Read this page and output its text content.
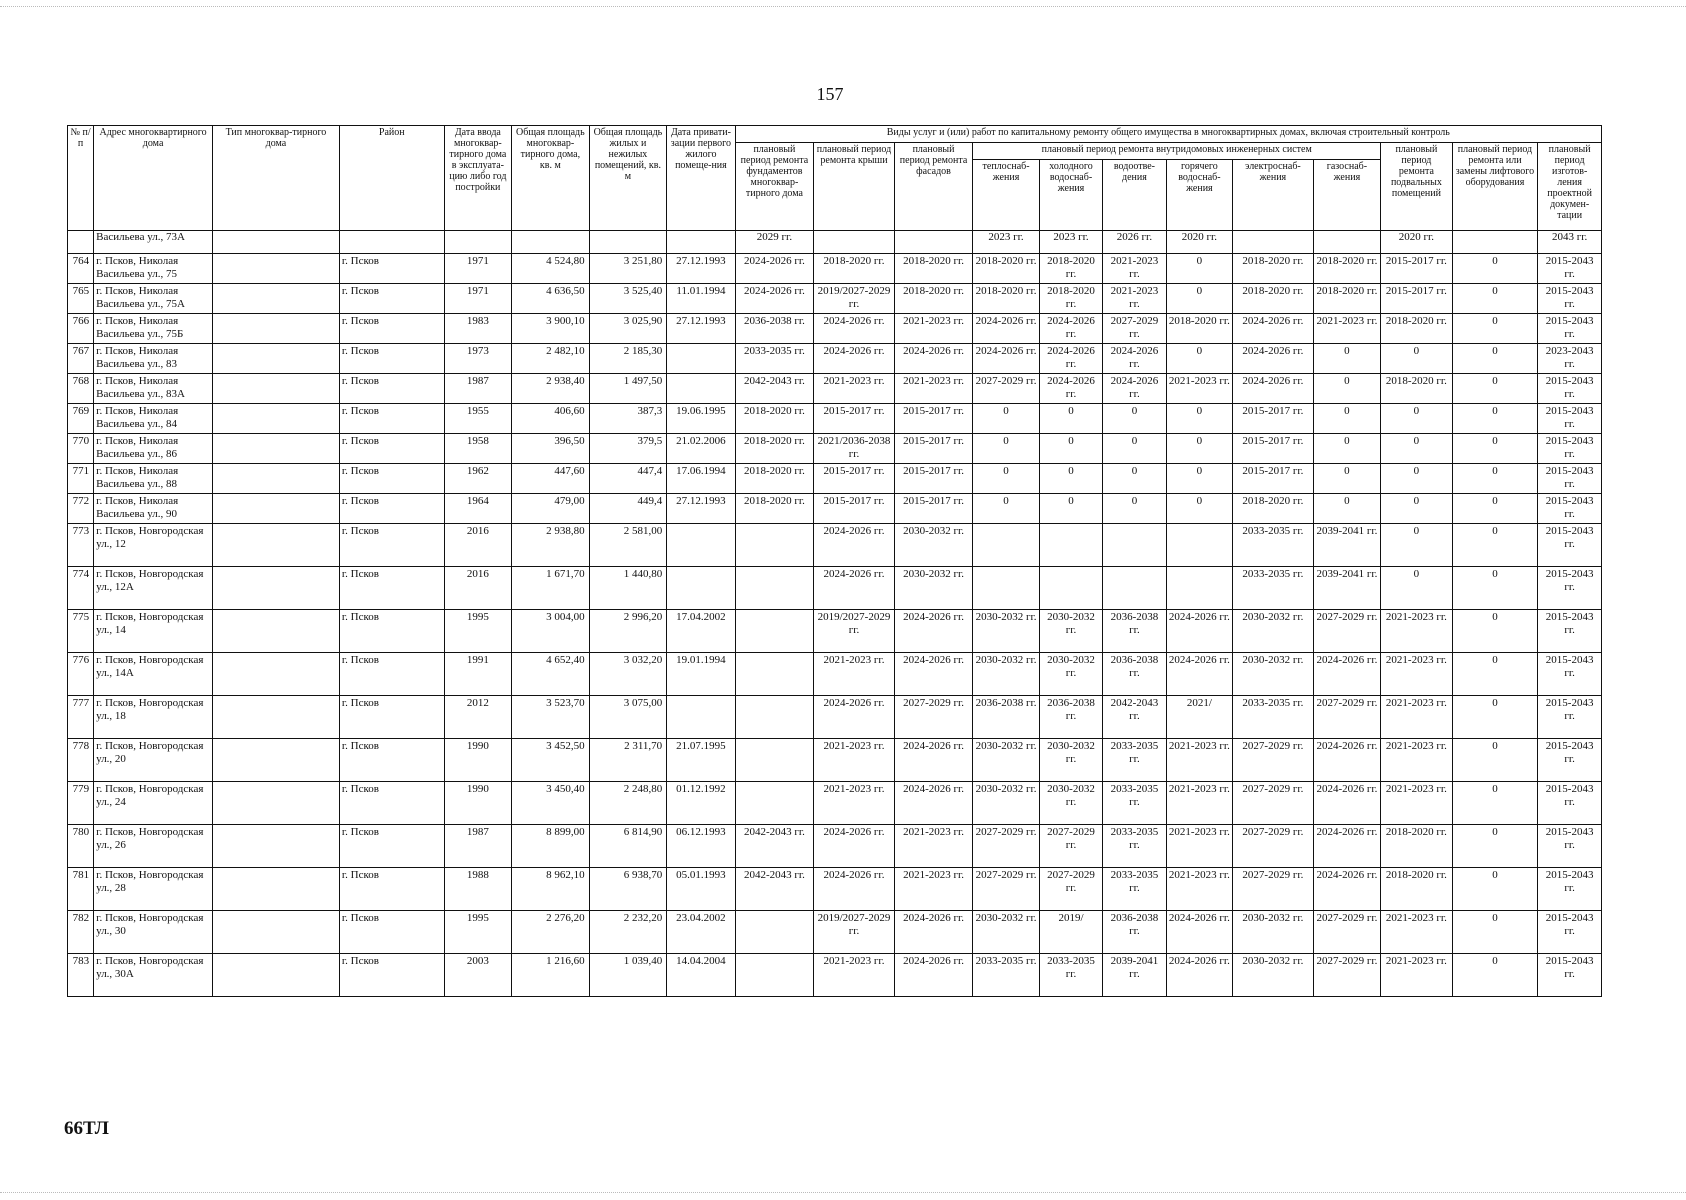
157
№ п/п	Адрес многоквартирного дома	Тип многоквар-тирного дома	Район	Дата ввода многоквар-тирного дома в эксплуата-цию либо год постройки	Общая площадь многоквар-тирного дома, кв. м	Общая площадь жилых и нежилых помещений, кв. м	Дата привати-зации первого жилого помеще-ния	Виды услуг и (или) работ по капитальному ремонту общего имущества в многоквартирных домах, включая строительный контроль											
								плановый период ремонта фундаментов многоквар-тирного дома	плановый период ремонта крыши	плановый период ремонта фасадов	плановый период ремонта внутридомовых инженерных систем						плановый период ремонта подвальных помещений	плановый период ремонта или замены лифтового оборудования	плановый период изготов-ления проектной докумен-тации
											теплоснаб-жения	холодного водоснаб-жения	водоотве-дения	горячего водоснаб-жения	электроснаб-жения	газоснаб-жения			
	Васильева ул., 73А							2029 гг.			2023 гг.	2023 гг.	2026 гг.	2020 гг.			2020 гг.		2043 гг.
764	г. Псков, Николая Васильева ул., 75		г. Псков	1971	4 524,80	3 251,80	27.12.1993	2024-2026 гг.	2018-2020 гг.	2018-2020 гг.	2018-2020 гг.	2018-2020 гг.	2021-2023 гг.	0	2018-2020 гг.	2018-2020 гг.	2015-2017 гг.	0	2015-2043 гг.
765	г. Псков, Николая Васильева ул., 75А		г. Псков	1971	4 636,50	3 525,40	11.01.1994	2024-2026 гг.	2019/2027-2029 гг.	2018-2020 гг.	2018-2020 гг.	2018-2020 гг.	2021-2023 гг.	0	2018-2020 гг.	2018-2020 гг.	2015-2017 гг.	0	2015-2043 гг.
766	г. Псков, Николая Васильева ул., 75Б		г. Псков	1983	3 900,10	3 025,90	27.12.1993	2036-2038 гг.	2024-2026 гг.	2021-2023 гг.	2024-2026 гг.	2024-2026 гг.	2027-2029 гг.	2018-2020 гг.	2024-2026 гг.	2021-2023 гг.	2018-2020 гг.	0	2015-2043 гг.
767	г. Псков, Николая Васильева ул., 83		г. Псков	1973	2 482,10	2 185,30		2033-2035 гг.	2024-2026 гг.	2024-2026 гг.	2024-2026 гг.	2024-2026 гг.	2024-2026 гг.	0	2024-2026 гг.	0	0	0	2023-2043 гг.
768	г. Псков, Николая Васильева ул., 83А		г. Псков	1987	2 938,40	1 497,50		2042-2043 гг.	2021-2023 гг.	2021-2023 гг.	2027-2029 гг.	2024-2026 гг.	2024-2026 гг.	2021-2023 гг.	2024-2026 гг.	0	2018-2020 гг.	0	2015-2043 гг.
769	г. Псков, Николая Васильева ул., 84		г. Псков	1955	406,60	387,3	19.06.1995	2018-2020 гг.	2015-2017 гг.	2015-2017 гг.	0	0	0	0	2015-2017 гг.	0	0	0	2015-2043 гг.
770	г. Псков, Николая Васильева ул., 86		г. Псков	1958	396,50	379,5	21.02.2006	2018-2020 гг.	2021/2036-2038 гг.	2015-2017 гг.	0	0	0	0	2015-2017 гг.	0	0	0	2015-2043 гг.
771	г. Псков, Николая Васильева ул., 88		г. Псков	1962	447,60	447,4	17.06.1994	2018-2020 гг.	2015-2017 гг.	2015-2017 гг.	0	0	0	0	2015-2017 гг.	0	0	0	2015-2043 гг.
772	г. Псков, Николая Васильева ул., 90		г. Псков	1964	479,00	449,4	27.12.1993	2018-2020 гг.	2015-2017 гг.	2015-2017 гг.	0	0	0	0	2018-2020 гг.	0	0	0	2015-2043 гг.
773	г. Псков, Новгородская ул., 12		г. Псков	2016	2 938,80	2 581,00			2024-2026 гг.	2030-2032 гг.					2033-2035 гг.	2039-2041 гг.	0	0	2015-2043 гг.
774	г. Псков, Новгородская ул., 12А		г. Псков	2016	1 671,70	1 440,80			2024-2026 гг.	2030-2032 гг.					2033-2035 гг.	2039-2041 гг.	0	0	2015-2043 гг.
775	г. Псков, Новгородская ул., 14		г. Псков	1995	3 004,00	2 996,20	17.04.2002		2019/2027-2029 гг.	2024-2026 гг.	2030-2032 гг.	2030-2032 гг.	2036-2038 гг.	2024-2026 гг.	2030-2032 гг.	2027-2029 гг.	2021-2023 гг.	0	2015-2043 гг.
776	г. Псков, Новгородская ул., 14А		г. Псков	1991	4 652,40	3 032,20	19.01.1994		2021-2023 гг.	2024-2026 гг.	2030-2032 гг.	2030-2032 гг.	2036-2038 гг.	2024-2026 гг.	2030-2032 гг.	2024-2026 гг.	2021-2023 гг.	0	2015-2043 гг.
777	г. Псков, Новгородская ул., 18		г. Псков	2012	3 523,70	3 075,00			2024-2026 гг.	2027-2029 гг.	2036-2038 гг.	2036-2038 гг.	2042-2043 гг.	2021/	2033-2035 гг.	2027-2029 гг.	2021-2023 гг.	0	2015-2043 гг.
778	г. Псков, Новгородская ул., 20		г. Псков	1990	3 452,50	2 311,70	21.07.1995		2021-2023 гг.	2024-2026 гг.	2030-2032 гг.	2030-2032 гг.	2033-2035 гг.	2021-2023 гг.	2027-2029 гг.	2024-2026 гг.	2021-2023 гг.	0	2015-2043 гг.
779	г. Псков, Новгородская ул., 24		г. Псков	1990	3 450,40	2 248,80	01.12.1992		2021-2023 гг.	2024-2026 гг.	2030-2032 гг.	2030-2032 гг.	2033-2035 гг.	2021-2023 гг.	2027-2029 гг.	2024-2026 гг.	2021-2023 гг.	0	2015-2043 гг.
780	г. Псков, Новгородская ул., 26		г. Псков	1987	8 899,00	6 814,90	06.12.1993	2042-2043 гг.	2024-2026 гг.	2021-2023 гг.	2027-2029 гг.	2027-2029 гг.	2033-2035 гг.	2021-2023 гг.	2027-2029 гг.	2024-2026 гг.	2018-2020 гг.	0	2015-2043 гг.
781	г. Псков, Новгородская ул., 28		г. Псков	1988	8 962,10	6 938,70	05.01.1993	2042-2043 гг.	2024-2026 гг.	2021-2023 гг.	2027-2029 гг.	2027-2029 гг.	2033-2035 гг.	2021-2023 гг.	2027-2029 гг.	2024-2026 гг.	2018-2020 гг.	0	2015-2043 гг.
782	г. Псков, Новгородская ул., 30		г. Псков	1995	2 276,20	2 232,20	23.04.2002		2019/2027-2029 гг.	2024-2026 гг.	2030-2032 гг.	2019/	2036-2038 гг.	2024-2026 гг.	2030-2032 гг.	2027-2029 гг.	2021-2023 гг.	0	2015-2043 гг.
783	г. Псков, Новгородская ул., 30А		г. Псков	2003	1 216,60	1 039,40	14.04.2004		2021-2023 гг.	2024-2026 гг.	2033-2035 гг.	2033-2035 гг.	2039-2041 гг.	2024-2026 гг.	2030-2032 гг.	2027-2029 гг.	2021-2023 гг.	0	2015-2043 гг.
66ТЛ
